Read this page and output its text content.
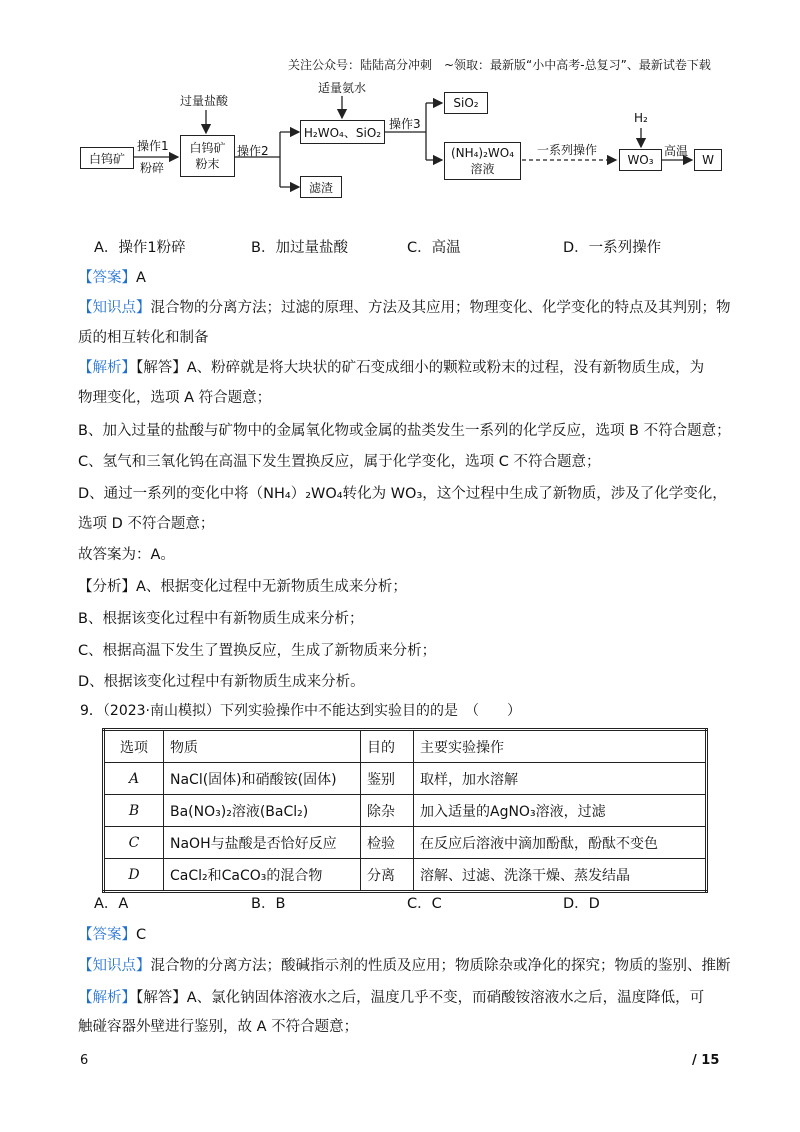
关注公众号：陆陆高分冲刺　~领取：最新版“小中高考-总复习”、最新试卷下载
白钨矿
操作1
粉碎
过量盐酸
白钨矿
粉末
操作2
H₂WO₄、SiO₂
适量氨水
滤渣
操作3
SiO₂
(NH₄)₂WO₄
溶液
一系列操作
H₂
WO₃
高温
W
A．操作1粉碎	B．加过量盐酸	C．高温	D．一系列操作
【答案】A
【知识点】混合物的分离方法；过滤的原理、方法及其应用；物理变化、化学变化的特点及其判别；物
质的相互转化和制备
【解析】【解答】A、粉碎就是将大块状的矿石变成细小的颗粒或粉末的过程，没有新物质生成，为
物理变化，选项 A 符合题意；
B、加入过量的盐酸与矿物中的金属氧化物或金属的盐类发生一系列的化学反应，选项 B 不符合题意；
C、氢气和三氧化钨在高温下发生置换反应，属于化学变化，选项 C 不符合题意；
D、通过一系列的变化中将（NH₄）₂WO₄转化为 WO₃，这个过程中生成了新物质，涉及了化学变化，
选项 D 不符合题意；
故答案为：A。
【分析】A、根据变化过程中无新物质生成来分析；
B、根据该变化过程中有新物质生成来分析；
C、根据高温下发生了置换反应，生成了新物质来分析；
D、根据该变化过程中有新物质生成来分析。
9．（2023·南山模拟）下列实验操作中不能达到实验目的的是　（　　）
选项	物质	目的	主要实验操作
A	NaCl(固体)和硝酸铵(固体)	鉴别	取样，加水溶解
B	Ba(NO₃)₂溶液(BaCl₂)	除杂	加入适量的AgNO₃溶液，过滤
C	NaOH与盐酸是否恰好反应	检验	在反应后溶液中滴加酚酞，酚酞不变色
D	CaCl₂和CaCO₃的混合物	分离	溶解、过滤、洗涤干燥、蒸发结晶
A．A	B．B	C．C	D．D
【答案】C
【知识点】混合物的分离方法；酸碱指示剂的性质及应用；物质除杂或净化的探究；物质的鉴别、推断
【解析】【解答】A、氯化钠固体溶液水之后，温度几乎不变，而硝酸铵溶液水之后，温度降低，可
触碰容器外壁进行鉴别，故 A 不符合题意；
6	/ 15
